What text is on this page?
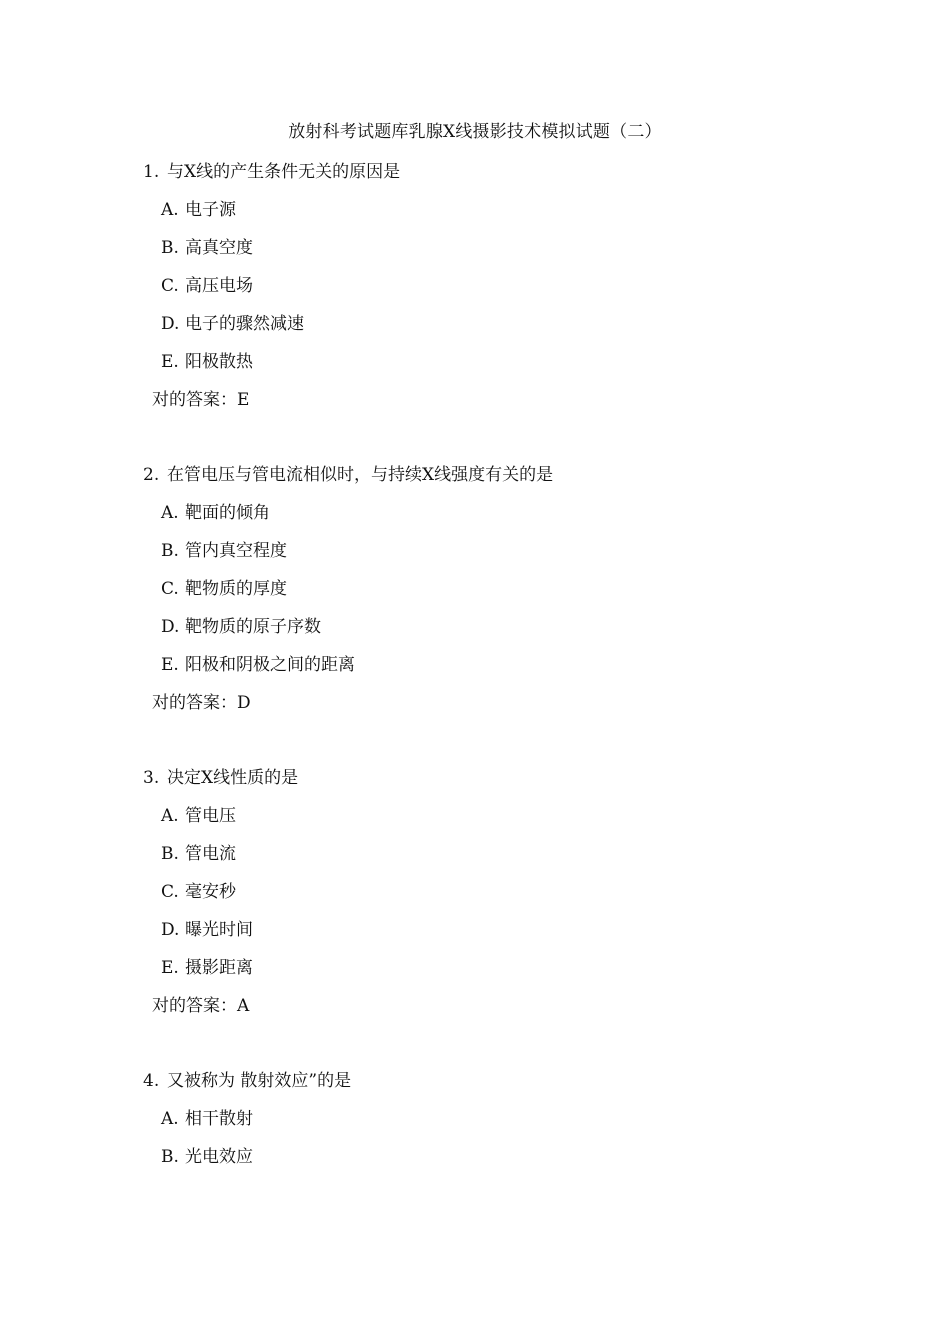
放射科考试题库乳腺X线摄影技术模拟试题（二）
1. 与X线的产生条件无关的原因是
A. 电子源
B. 高真空度
C. 高压电场
D. 电子的骤然减速
E. 阳极散热
对的答案：E
2. 在管电压与管电流相似时，与持续X线强度有关的是
A. 靶面的倾角
B. 管内真空程度
C. 靶物质的厚度
D. 靶物质的原子序数
E. 阳极和阴极之间的距离
对的答案：D
3. 决定X线性质的是
A. 管电压
B. 管电流
C. 毫安秒
D. 曝光时间
E. 摄影距离
对的答案：A
4. 又被称为 散射效应”的是
A. 相干散射
B. 光电效应
